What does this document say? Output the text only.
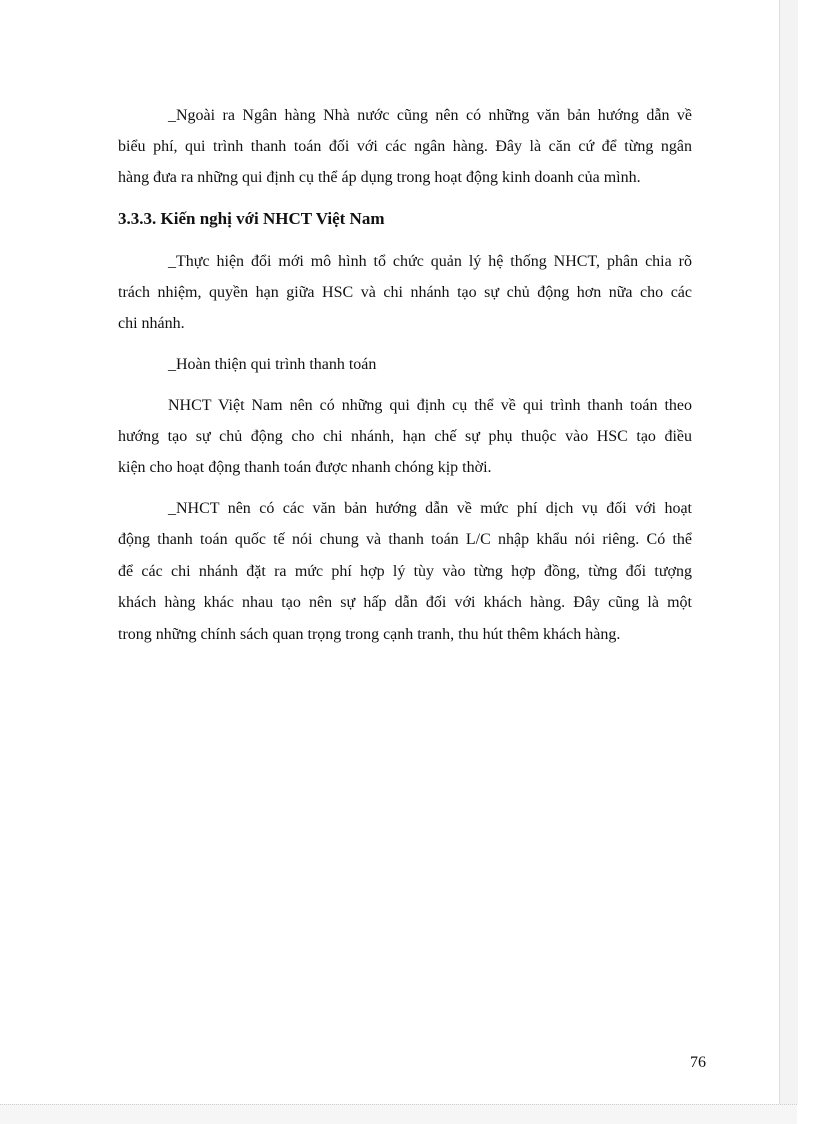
_Ngoài ra Ngân hàng Nhà nước cũng nên có những văn bản hướng dẫn về

biểu phí, qui trình thanh toán đối với các ngân hàng. Đây là căn cứ để từng ngân

hàng đưa ra những qui định cụ thể áp dụng trong hoạt động kinh doanh của mình.

3.3.3. Kiến nghị với NHCT Việt Nam

_Thực hiện đổi mới mô hình tổ chức quản lý hệ thống NHCT, phân chia rõ

trách nhiệm, quyền hạn giữa HSC và chi nhánh tạo sự chủ động hơn nữa cho các

chi nhánh.

_Hoàn thiện qui trình thanh toán

NHCT Việt Nam nên có những qui định cụ thể về qui trình thanh toán theo

hướng tạo sự chủ động cho chi nhánh, hạn chế sự phụ thuộc vào HSC tạo điều

kiện cho hoạt động thanh toán được nhanh chóng kịp thời.

_NHCT nên có các văn bản hướng dẫn về mức phí dịch vụ đối với hoạt

động thanh toán quốc tế nói chung và thanh toán L/C nhập khẩu nói riêng. Có thể

để các chi nhánh đặt ra mức phí hợp lý tùy vào từng hợp đồng, từng đối tượng

khách hàng khác nhau tạo nên sự hấp dẫn đối với khách hàng. Đây cũng là một

trong những chính sách quan trọng trong cạnh tranh, thu hút thêm khách hàng.

76
